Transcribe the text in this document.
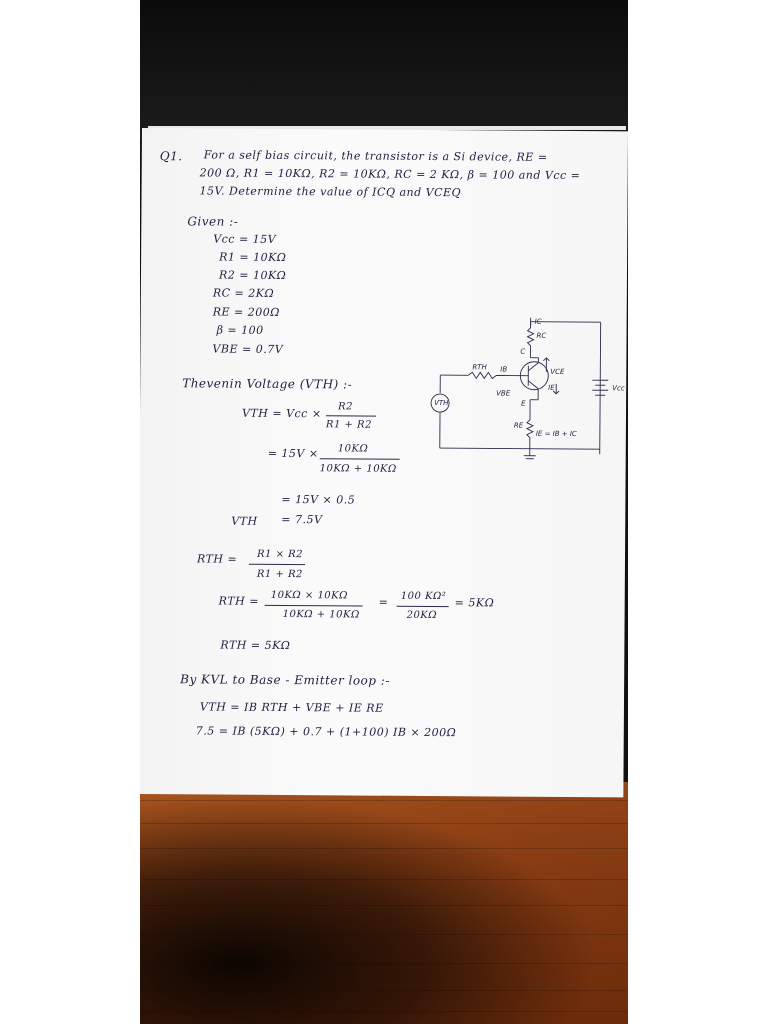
Q1. For a self bias circuit, the transistor is a Si device, RE =
200 Ω, R1 = 10KΩ, R2 = 10KΩ, RC = 2 KΩ, β = 100 and Vcc =
15V. Determine the value of ICQ and VCEQ
Given :-
Vcc = 15V
R1 = 10KΩ
R2 = 10KΩ
RC = 2KΩ
RE = 200Ω
β = 100
VBE = 0.7V
Thevenin Voltage (VTH) :-
VTH = Vcc × R2
R1 + R2
= 15V × 10KΩ
10KΩ + 10KΩ
= 15V × 0.5
VTH = 7.5V
RTH = R1 × R2
R1 + R2
RTH = 10KΩ × 10KΩ
10KΩ + 10KΩ
= 100 KΩ²
20KΩ
= 5KΩ
RTH = 5KΩ
By KVL to Base - Emitter loop :-
VTH = IB RTH + VBE + IE RE
7.5 = IB (5KΩ) + 0.7 + (1+100) IB × 200Ω
IC
RC
C
RTH IB	VCE
VBE
IE
E
RE
VTH
Vcc
IE = IB + IC
